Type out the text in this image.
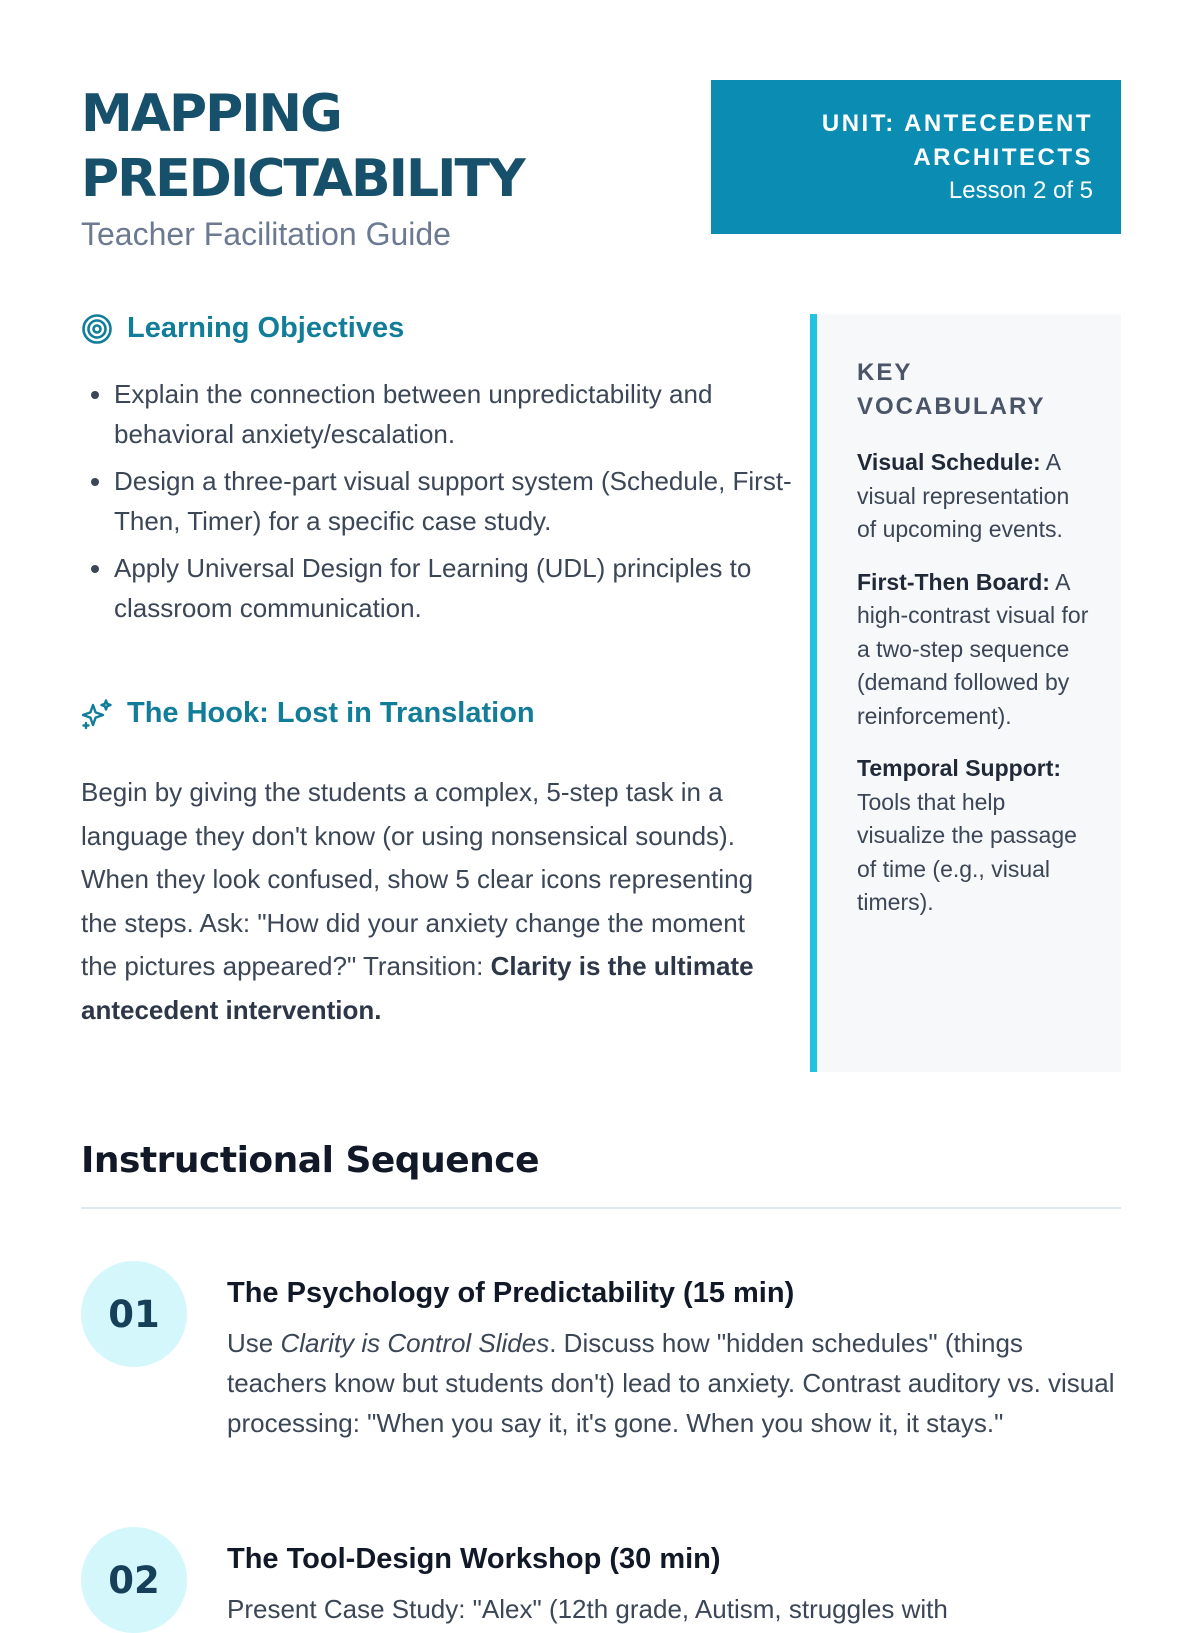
MAPPING
PREDICTABILITY
Teacher Facilitation Guide
UNIT: ANTECEDENT ARCHITECTS
Lesson 2 of 5
Learning Objectives
• Explain the connection between unpredictability and behavioral anxiety/escalation.
• Design a three-part visual support system (Schedule, First-Then, Timer) for a specific case study.
• Apply Universal Design for Learning (UDL) principles to classroom communication.
The Hook: Lost in Translation

Begin by giving the students a complex, 5-step task in a language they don't know (or using nonsensical sounds). When they look confused, show 5 clear icons representing the steps. Ask: "How did your anxiety change the moment the pictures appeared?" Transition: Clarity is the ultimate antecedent intervention.

KEY VOCABULARY
Visual Schedule: A visual representation of upcoming events.
First-Then Board: A high-contrast visual for a two-step sequence (demand followed by reinforcement).
Temporal Support: Tools that help visualize the passage of time (e.g., visual timers).
Instructional Sequence
01	The Psychology of Predictability (15 min)

Use Clarity is Control Slides. Discuss how "hidden schedules" (things teachers know but students don't) lead to anxiety. Contrast auditory vs. visual processing: "When you say it, it's gone. When you show it, it stays."

02	The Tool-Design Workshop (30 min)

Present Case Study: "Alex" (12th grade, Autism, struggles with
